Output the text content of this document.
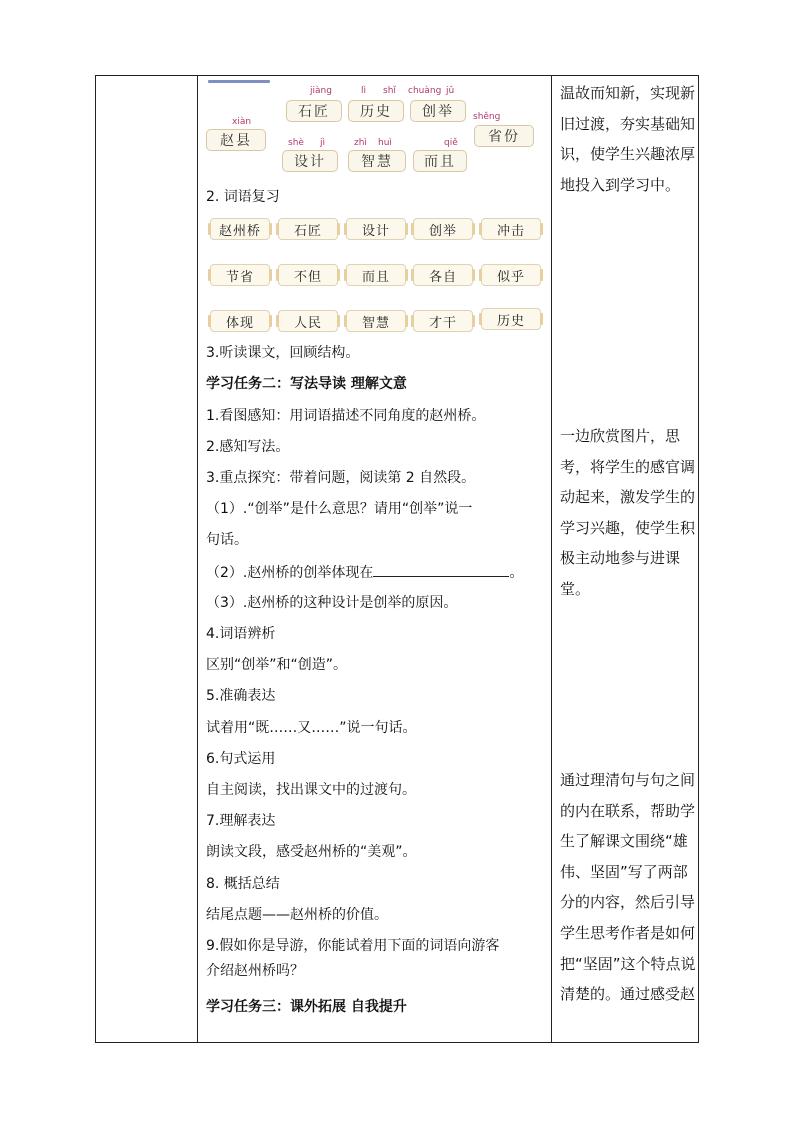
jiàng
石匠
lì shǐ
历史
chuàng jǔ
创举
xiàn
赵县
shěng
省份
shè jì
设计
zhì huì
智慧
qiě
而且
2. 词语复习
赵州桥	石匠	设计	创举	冲击
节省	不但	而且	各自	似乎
体现	人民	智慧	才干	历史
3.听读课文，回顾结构。
学习任务二：写法导读 理解文意
1.看图感知：用词语描述不同角度的赵州桥。
2.感知写法。
3.重点探究：带着问题，阅读第 2 自然段。
（1）.“创举”是什么意思？请用“创举”说一
句话。
（2）.赵州桥的创举体现在	。
（3）.赵州桥的这种设计是创举的原因。
4.词语辨析
区别“创举”和“创造”。
5.准确表达
试着用“既……又……”说一句话。
6.句式运用
自主阅读，找出课文中的过渡句。
7.理解表达
朗读文段，感受赵州桥的“美观”。
8. 概括总结
结尾点题——赵州桥的价值。
9.假如你是导游，你能试着用下面的词语向游客
介绍赵州桥吗？
学习任务三：课外拓展 自我提升
温故而知新，实现新旧过渡，夯实基础知识，使学生兴趣浓厚地投入到学习中。
一边欣赏图片，思考，将学生的感官调动起来，激发学生的学习兴趣，使学生积极主动地参与进课堂。
通过理清句与句之间的内在联系，帮助学生了解课文围绕“雄伟、坚固”写了两部分的内容，然后引导学生思考作者是如何把“坚固”这个特点说清楚的。通过感受赵
